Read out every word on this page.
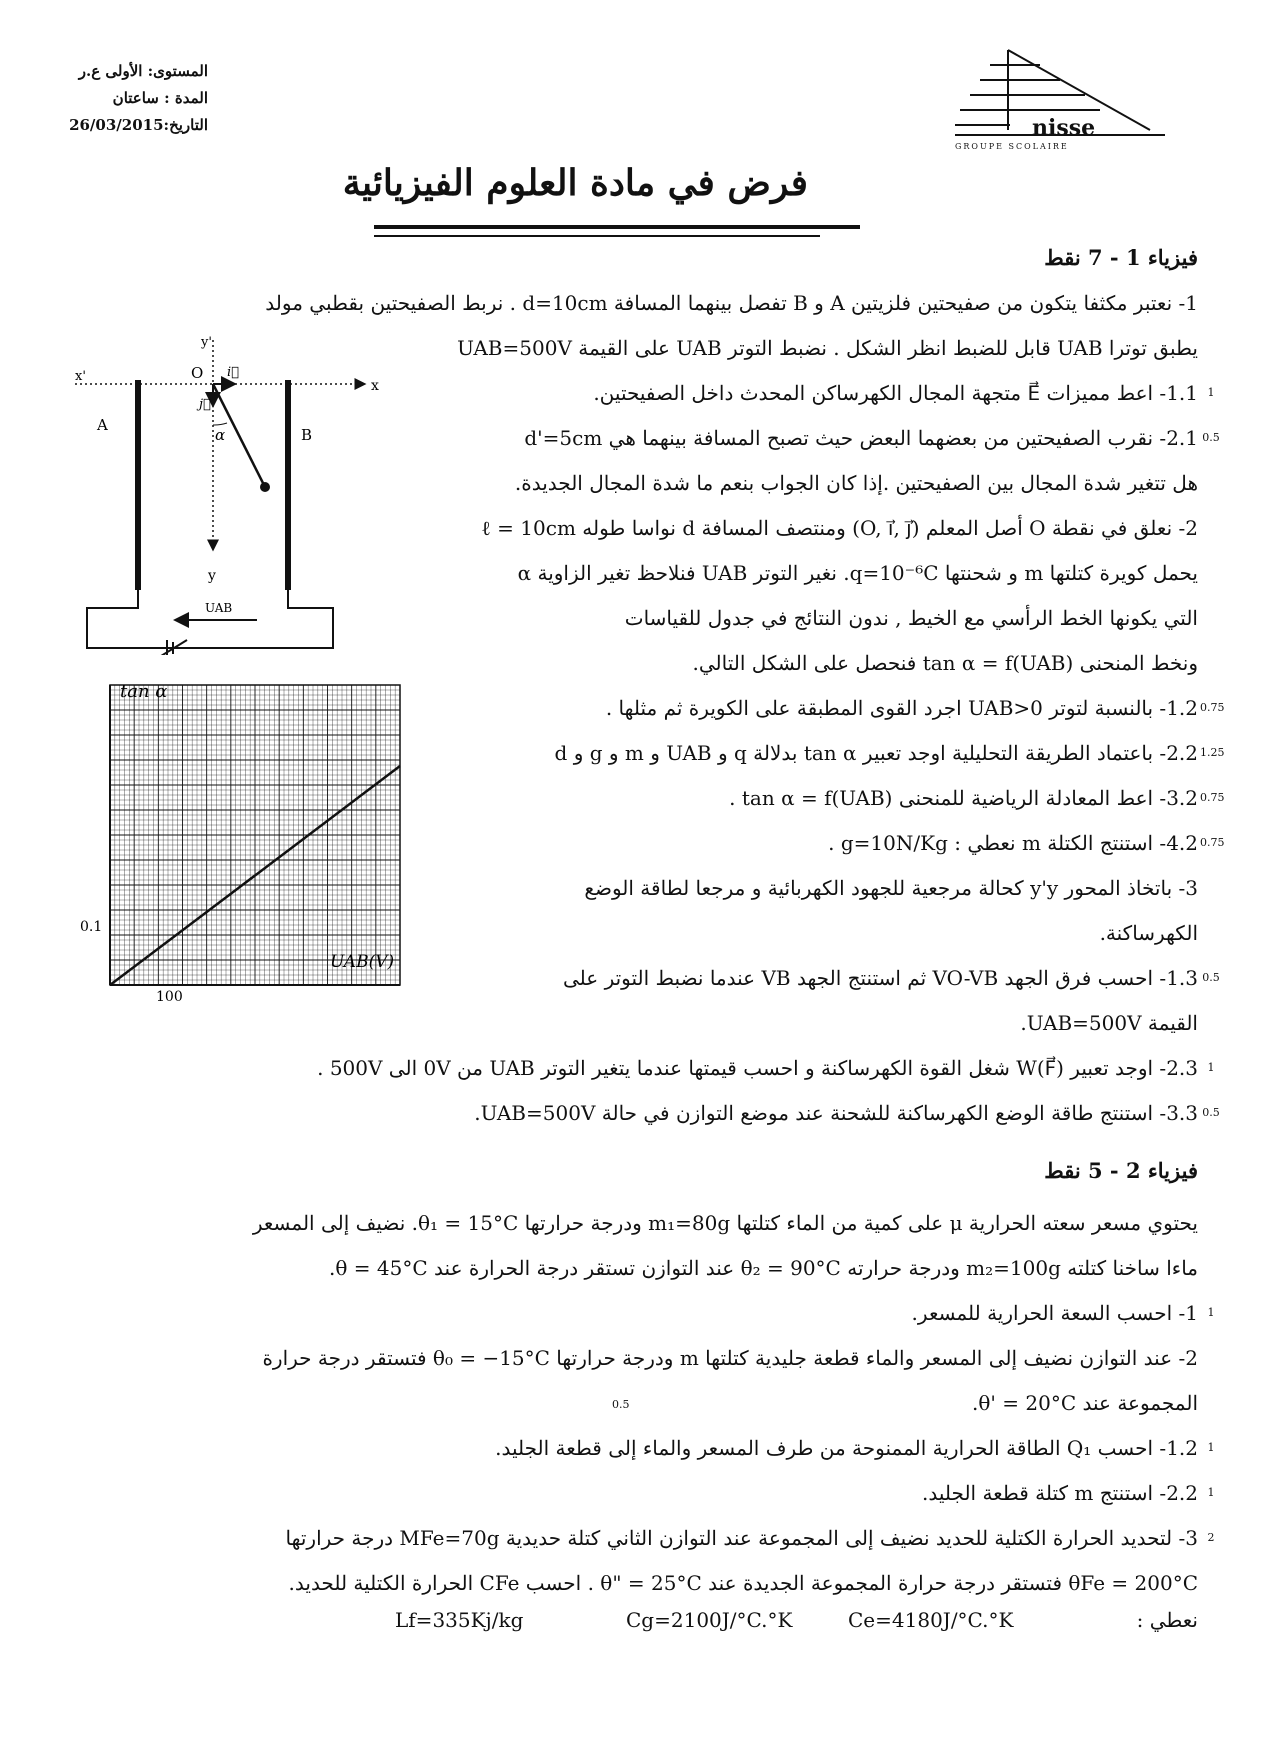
المستوى: الأولى ع.ر
المدة : ساعتان
26/03/2015:التاريخ	nisse
GROUPE SCOLAIRE
فرض في مادة العلوم الفيزيائية
فيزياء 1 - 7 نقط
1- نعتبر مكثفا يتكون من صفيحتين فلزيتين A و B تفصل بينهما المسافة d=10cm . نربط الصفيحتين بقطبي مولد
يطبق توترا UAB قابل للضبط انظر الشكل . نضبط التوتر UAB على القيمة UAB=500V
1.1- اعط مميزات E⃗ متجهة المجال الكهرساكن المحدث داخل الصفيحتين. 1
2.1- نقرب الصفيحتين من بعضهما البعض حيث تصبح المسافة بينهما هي d'=5cm 0.5
هل تتغير شدة المجال بين الصفيحتين .إذا كان الجواب بنعم ما شدة المجال الجديدة.
2- نعلق في نقطة O أصل المعلم (O, i⃗, j⃗) ومنتصف المسافة d نواسا طوله ℓ = 10cm
يحمل كويرة كتلتها m و شحنتها q=10⁻⁶C. نغير التوتر UAB فنلاحظ تغير الزاوية α
التي يكونها الخط الرأسي مع الخيط , ندون النتائج في جدول للقياسات
ونخط المنحنى tan α = f(UAB) فنحصل على الشكل التالي.
1.2- بالنسبة لتوتر UAB>0 اجرد القوى المطبقة على الكويرة ثم مثلها . 0.75
2.2- باعتماد الطريقة التحليلية اوجد تعبير tan α بدلالة q و UAB و m و g و d 1.25
3.2- اعط المعادلة الرياضية للمنحنى tan α = f(UAB) . 0.75
4.2- استنتج الكتلة m نعطي : g=10N/Kg . 0.75
3- باتخاذ المحور y'y كحالة مرجعية للجهود الكهربائية و مرجعا لطاقة الوضع
الكهرساكنة.
1.3- احسب فرق الجهد VO-VB ثم استنتج الجهد VB عندما نضبط التوتر على 0.5
القيمة UAB=500V.
2.3- اوجد تعبير W(F⃗) شغل القوة الكهرساكنة و احسب قيمتها عندما يتغير التوتر UAB من 0V الى 500V . 1
3.3- استنتج طاقة الوضع الكهرساكنة للشحنة عند موضع التوازن في حالة UAB=500V. 0.5
A
B
x'
x
y'
y
O i⃗
j⃗
α
UAB
tan α
UAB(V)
100
0.1
فيزياء 2 - 5 نقط
يحتوي مسعر سعته الحرارية μ على كمية من الماء كتلتها m₁=80g ودرجة حرارتها θ₁ = 15°C. نضيف إلى المسعر
ماءا ساخنا كتلته m₂=100g ودرجة حرارته θ₂ = 90°C عند التوازن تستقر درجة الحرارة عند θ = 45°C.
1- احسب السعة الحرارية للمسعر. 1
2- عند التوازن نضيف إلى المسعر والماء قطعة جليدية كتلتها m ودرجة حرارتها θ₀ = −15°C فتستقر درجة حرارة
المجموعة عند θ' = 20°C.
1.2- احسب Q₁ الطاقة الحرارية الممنوحة من طرف المسعر والماء إلى قطعة الجليد. 1
2.2- استنتج m كتلة قطعة الجليد. 1
3- لتحديد الحرارة الكتلية للحديد نضيف إلى المجموعة عند التوازن الثاني كتلة حديدية MFe=70g درجة حرارتها 2
θFe = 200°C فتستقر درجة حرارة المجموعة الجديدة عند θ" = 25°C . احسب CFe الحرارة الكتلية للحديد.
0.5
نعطي :
Ce=4180J/°C.°K
Cg=2100J/°C.°K
Lf=335Kj/kg
